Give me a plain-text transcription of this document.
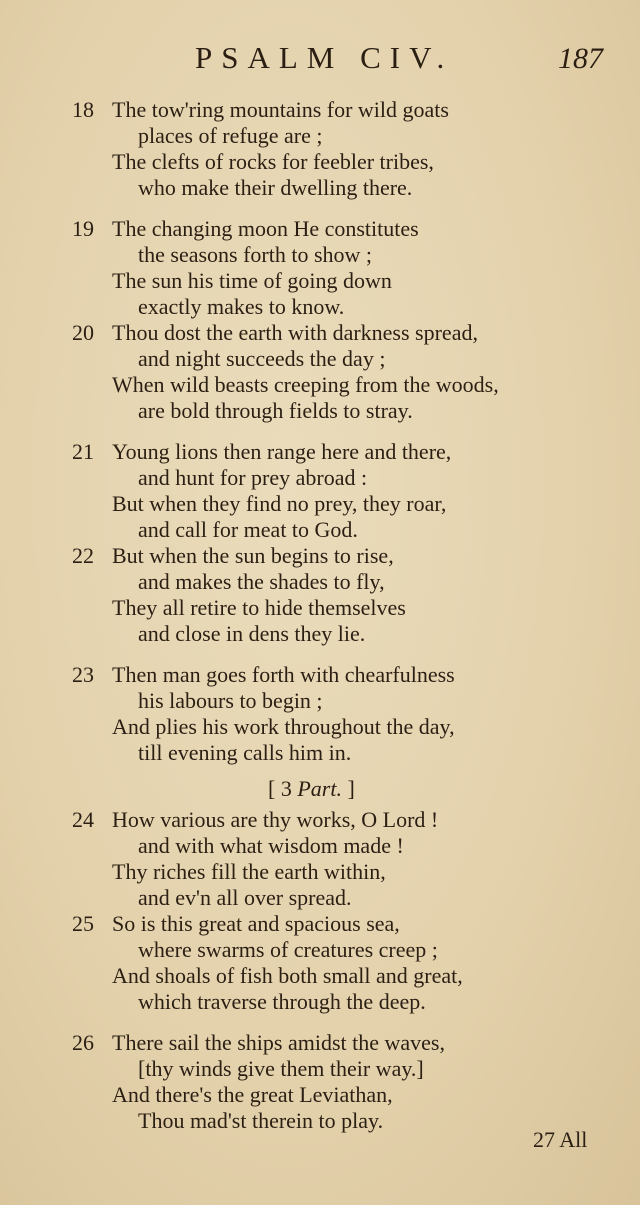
PSALM CIV.	187
18 The tow'ring mountains for wild goats
places of refuge are ;
The clefts of rocks for feebler tribes,
who make their dwelling there.
19 The changing moon He constitutes
the seasons forth to show ;
The sun his time of going down
exactly makes to know.
20 Thou dost the earth with darkness spread,
and night succeeds the day ;
When wild beasts creeping from the woods,
are bold through fields to stray.
21 Young lions then range here and there,
and hunt for prey abroad :
But when they find no prey, they roar,
and call for meat to God.
22 But when the sun begins to rise,
and makes the shades to fly,
They all retire to hide themselves
and close in dens they lie.
23 Then man goes forth with chearfulness
his labours to begin ;
And plies his work throughout the day,
till evening calls him in.
[ 3 Part. ]
24 How various are thy works, O Lord !
and with what wisdom made !
Thy riches fill the earth within,
and ev'n all over spread.
25 So is this great and spacious sea,
where swarms of creatures creep ;
And shoals of fish both small and great,
which traverse through the deep.
26 There sail the ships amidst the waves,
[thy winds give them their way.]
And there's the great Leviathan,
Thou mad'st therein to play.
27 All
